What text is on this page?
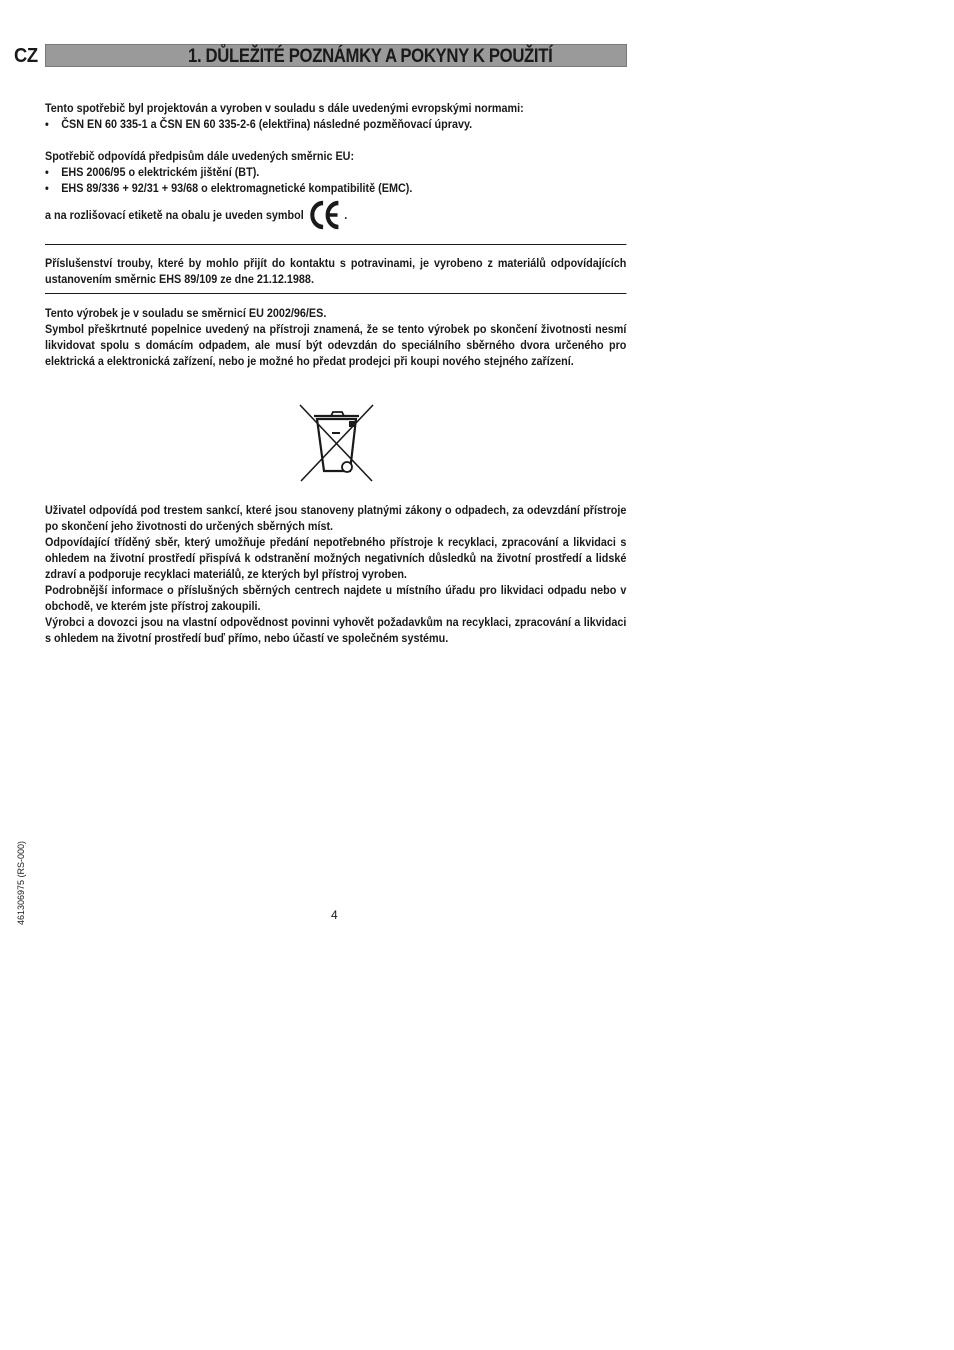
CZ	1. DŮLEŽITÉ POZNÁMKY A POKYNY K POUŽITÍ

Tento spotřebič byl projektován a vyroben v souladu s dále uvedenými evropskými normami:

•	ČSN EN 60 335-1 a ČSN EN 60 335-2-6 (elektřina) následné pozměňovací úpravy.

Spotřebič odpovídá předpisům dále uvedených směrnic EU:

•	EHS 2006/95 o elektrickém jištění (BT).
•	EHS 89/336 + 92/31 + 93/68 o elektromagnetické kompatibilitě (EMC).
a na rozlišovací etiketě na obalu je uveden symbol	.

Příslušenství trouby, které by mohlo přijít do kontaktu s potravinami, je vyrobeno z materiálů odpovídajících ustanovením směrnic EHS 89/109 ze dne 21.12.1988.

Tento výrobek je v souladu se směrnicí EU 2002/96/ES.

Symbol přeškrtnuté popelnice uvedený na přístroji znamená, že se tento výrobek po skončení životnosti nesmí likvidovat spolu s domácím odpadem, ale musí být odevzdán do speciálního sběrného dvora určeného pro elektrická a elektronická zařízení, nebo je možné ho předat prodejci při koupi nového stejného zařízení.

Uživatel odpovídá pod trestem sankcí, které jsou stanoveny platnými zákony o odpadech, za odevzdání přístroje po skončení jeho životnosti do určených sběrných míst.

Odpovídající tříděný sběr, který umožňuje předání nepotřebného přístroje k recyklaci, zpracování a likvidaci s ohledem na životní prostředí přispívá k odstranění možných negativních důsledků na životní prostředí a lidské zdraví a podporuje recyklaci materiálů, ze kterých byl přístroj vyroben.

Podrobnější informace o příslušných sběrných centrech najdete u místního úřadu pro likvidaci odpadu nebo v obchodě, ve kterém jste přístroj zakoupili.

Výrobci a dovozci jsou na vlastní odpovědnost povinni vyhovět požadavkům na recyklaci, zpracování a likvidaci s ohledem na životní prostředí buď přímo, nebo účastí ve společném systému.

4
461306975 (RS-000)
